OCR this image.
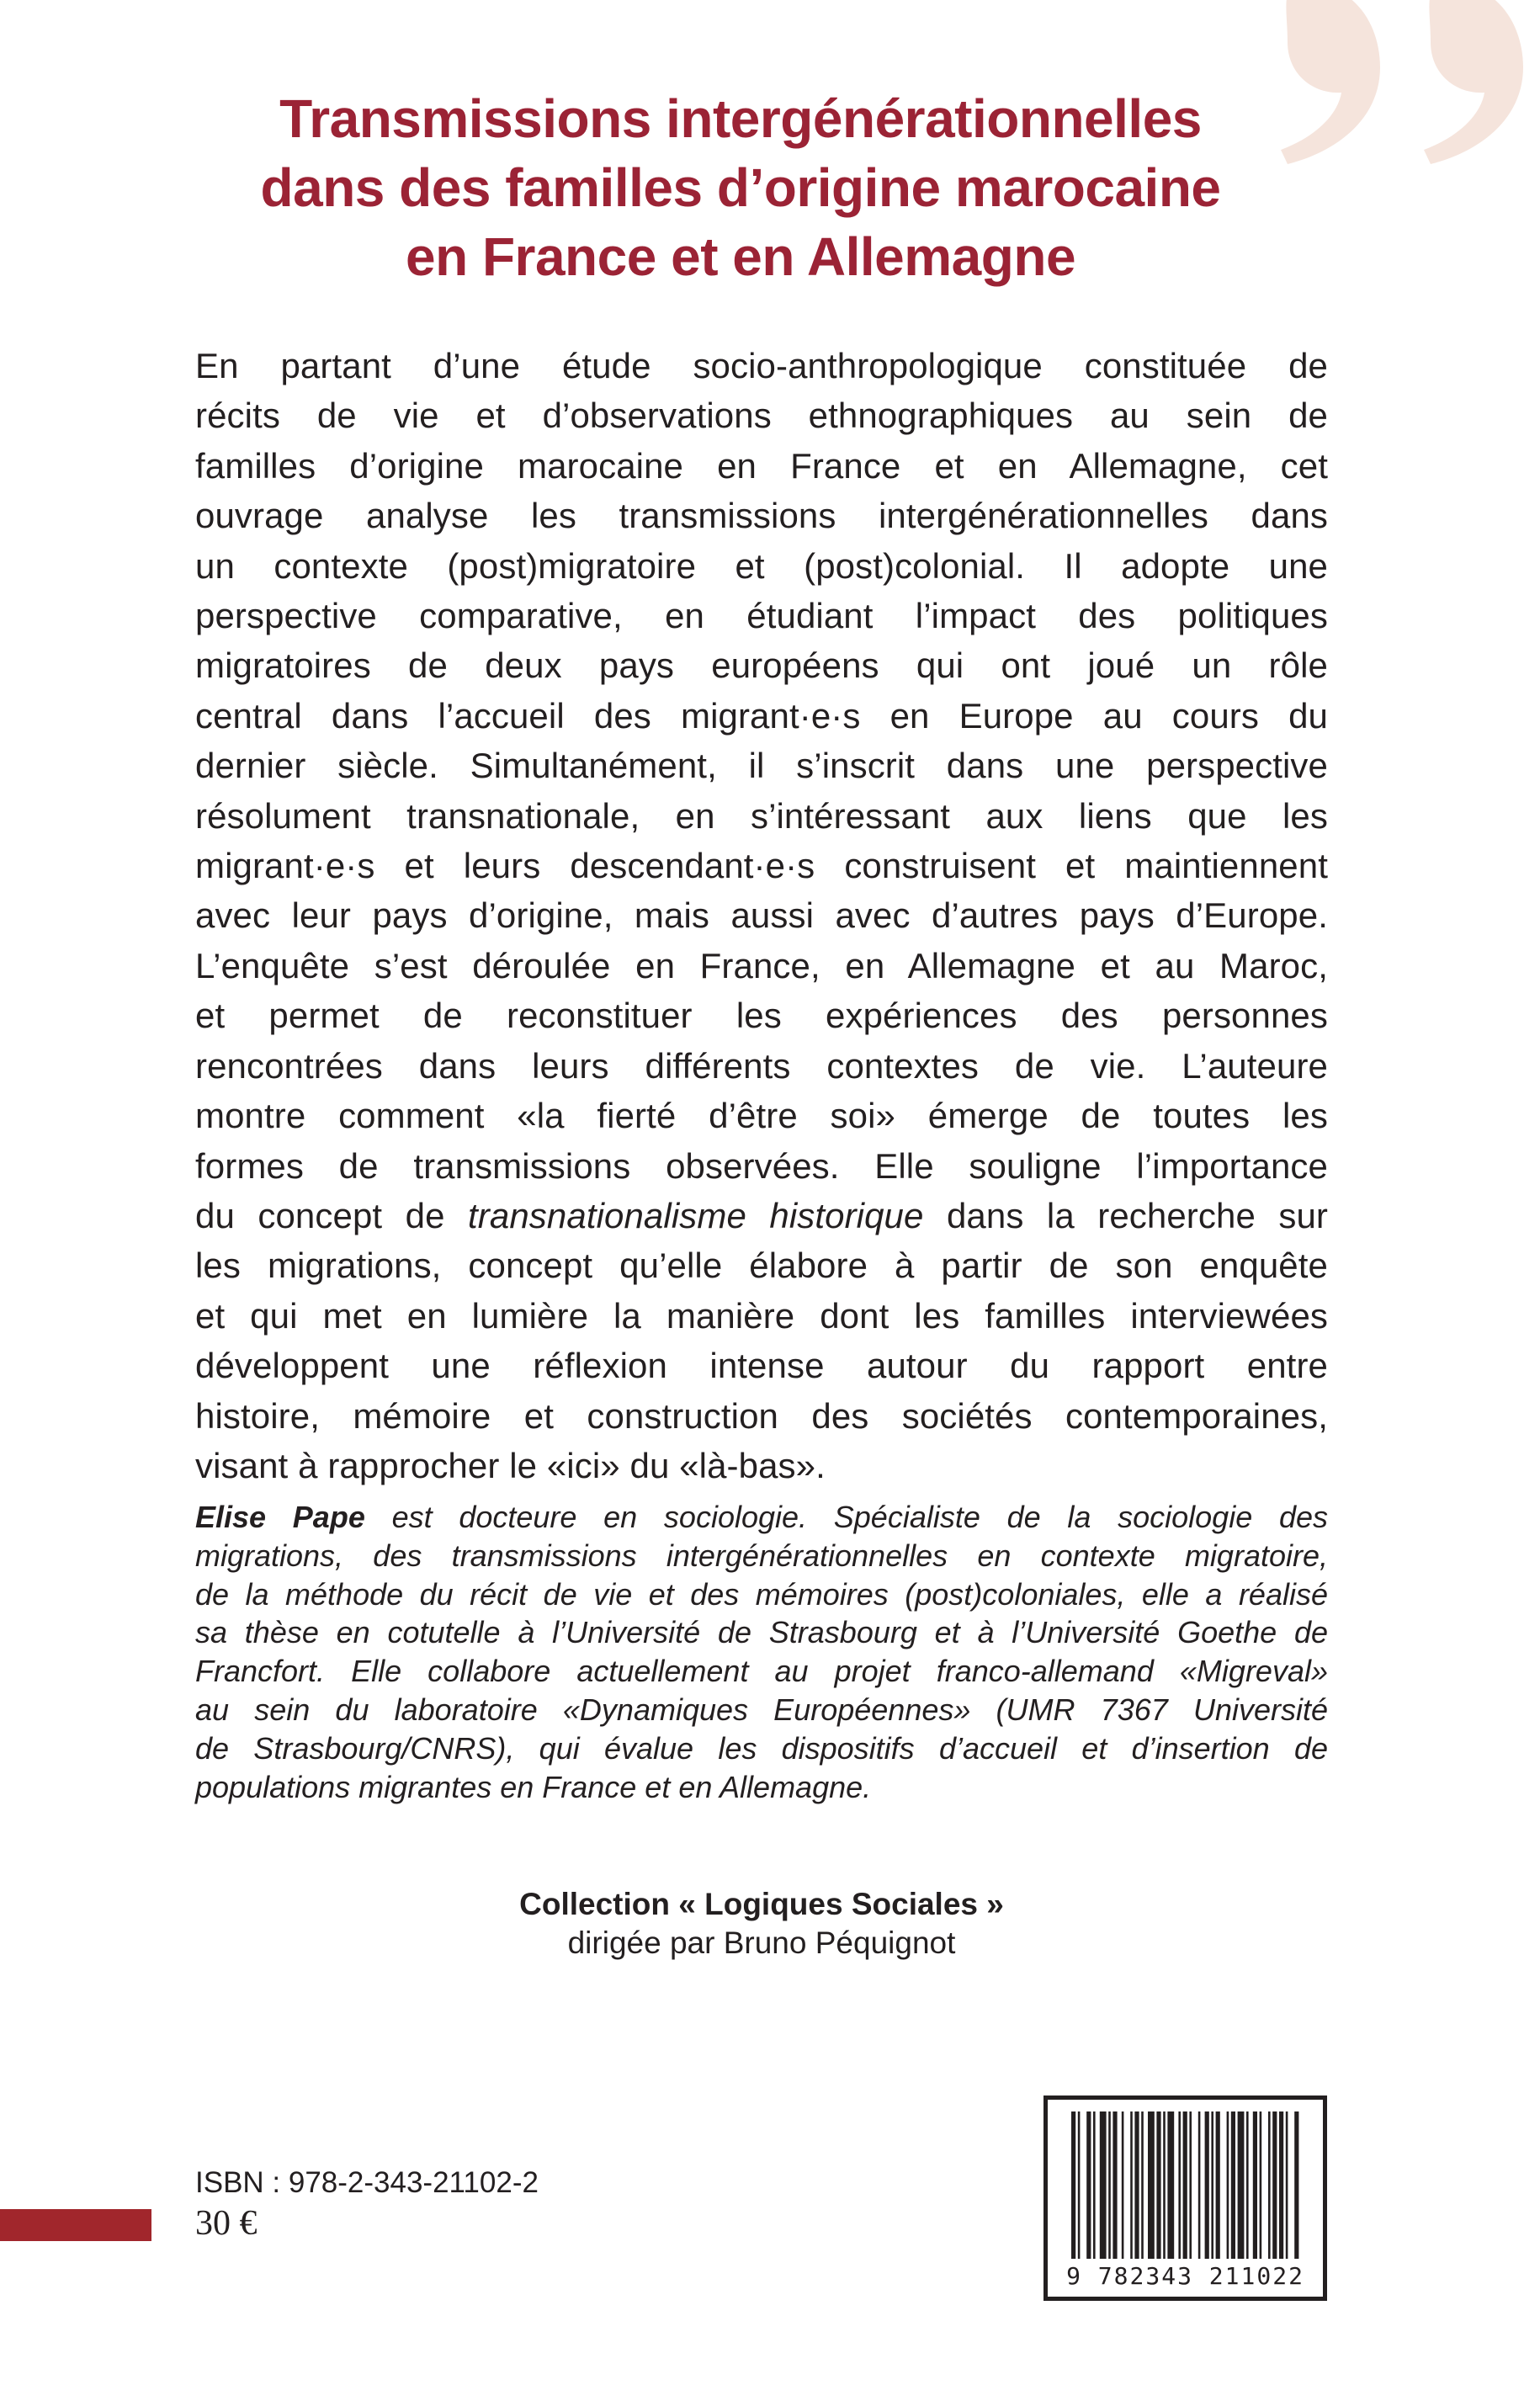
Transmissions intergénérationnelles
dans des familles d’origine marocaine
en France et en Allemagne
En partant d’une étude socio-anthropologique constituée de
récits de vie et d’observations ethnographiques au sein de
familles d’origine marocaine en France et en Allemagne, cet
ouvrage analyse les transmissions intergénérationnelles dans
un contexte (post)migratoire et (post)colonial. Il adopte une
perspective comparative, en étudiant l’impact des politiques
migratoires de deux pays européens qui ont joué un rôle
central dans l’accueil des migrant·e·s en Europe au cours du
dernier siècle. Simultanément, il s’inscrit dans une perspective
résolument transnationale, en s’intéressant aux liens que les
migrant·e·s et leurs descendant·e·s construisent et maintiennent
avec leur pays d’origine, mais aussi avec d’autres pays d’Europe.
L’enquête s’est déroulée en France, en Allemagne et au Maroc,
et permet de reconstituer les expériences des personnes
rencontrées dans leurs différents contextes de vie. L’auteure
montre comment «la fierté d’être soi» émerge de toutes les
formes de transmissions observées. Elle souligne l’importance
du concept de transnationalisme historique dans la recherche sur
les migrations, concept qu’elle élabore à partir de son enquête
et qui met en lumière la manière dont les familles interviewées
développent une réflexion intense autour du rapport entre
histoire, mémoire et construction des sociétés contemporaines,
visant à rapprocher le «ici» du «là-bas».
Elise Pape est docteure en sociologie. Spécialiste de la sociologie des
migrations, des transmissions intergénérationnelles en contexte migratoire,
de la méthode du récit de vie et des mémoires (post)coloniales, elle a réalisé
sa thèse en cotutelle à l’Université de Strasbourg et à l’Université Goethe de
Francfort. Elle collabore actuellement au projet franco-allemand «Migreval»
au sein du laboratoire «Dynamiques Européennes» (UMR 7367 Université
de Strasbourg/CNRS), qui évalue les dispositifs d’accueil et d’insertion de
populations migrantes en France et en Allemagne.
Collection « Logiques Sociales »
dirigée par Bruno Péquignot
ISBN : 978-2-343-21102-2
30 €
9 782343 211022
